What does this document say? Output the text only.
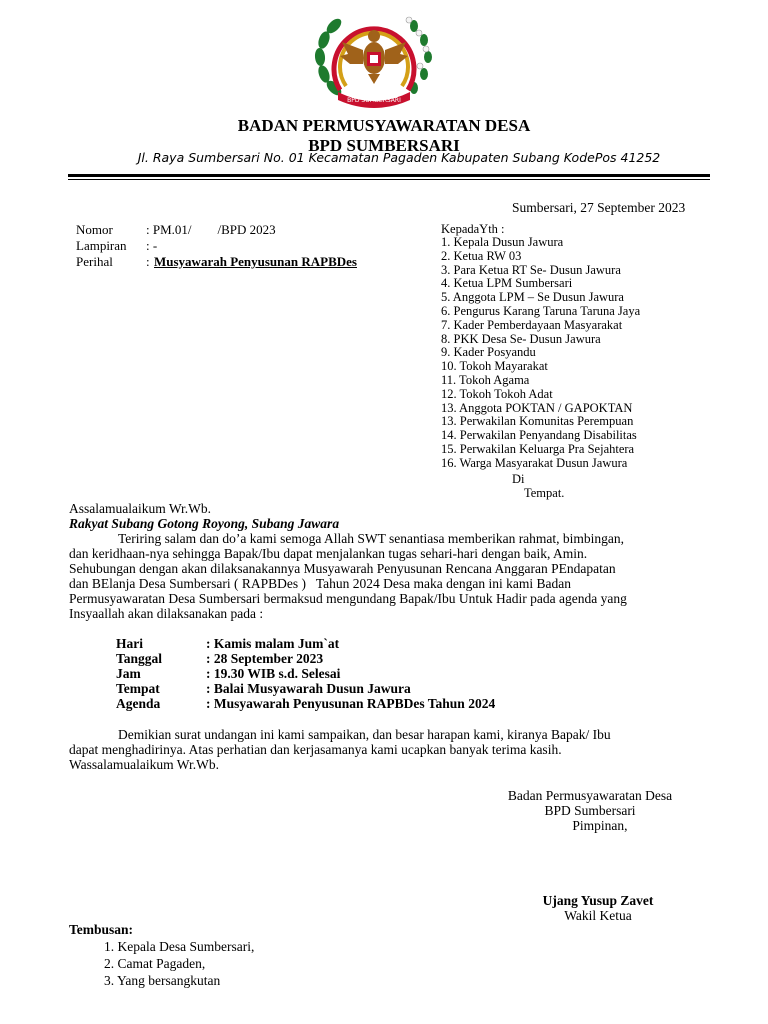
BPD SUMBERSARI
BADAN PERMUSYAWARATAN DESA
BPD SUMBERSARI
Jl. Raya Sumbersari No. 01 Kecamatan Pagaden Kabupaten Subang KodePos 41252
Sumbersari, 27 September 2023
Nomor	: PM.01/        /BPD 2023
Lampiran : -
Perihal	: Musyawarah Penyusunan RAPBDes
KepadaYth :
1. Kepala Dusun Jawura
2. Ketua RW 03
3. Para Ketua RT Se- Dusun Jawura
4. Ketua LPM Sumbersari
5. Anggota LPM – Se Dusun Jawura
6. Pengurus Karang Taruna Taruna Jaya
7. Kader Pemberdayaan Masyarakat
8. PKK Desa Se- Dusun Jawura
9. Kader Posyandu
10. Tokoh Mayarakat
11. Tokoh Agama
12. Tokoh Tokoh Adat
13. Anggota POKTAN / GAPOKTAN
13. Perwakilan Komunitas Perempuan
14. Perwakilan Penyandang Disabilitas
15. Perwakilan Keluarga Pra Sejahtera
16. Warga Masyarakat Dusun Jawura
Di
Tempat.
Assalamualaikum Wr.Wb.
Rakyat Subang Gotong Royong, Subang Jawara
Teriring salam dan do’a kami semoga Allah SWT senantiasa memberikan rahmat, bimbingan,
dan keridhaan-nya sehingga Bapak/Ibu dapat menjalankan tugas sehari-hari dengan baik, Amin.
Sehubungan dengan akan dilaksanakannya Musyawarah Penyusunan Rencana Anggaran PEndapatan
dan BElanja Desa Sumbersari ( RAPBDes )   Tahun 2024 Desa maka dengan ini kami Badan
Permusyawaratan Desa Sumbersari bermaksud mengundang Bapak/Ibu Untuk Hadir pada agenda yang
Insyaallah akan dilaksanakan pada :
Hari	: Kamis malam Jum`at
Tanggal	: 28 September 2023
Jam	: 19.30 WIB s.d. Selesai
Tempat	: Balai Musyawarah Dusun Jawura
Agenda	: Musyawarah Penyusunan RAPBDes Tahun 2024
Demikian surat undangan ini kami sampaikan, dan besar harapan kami, kiranya Bapak/ Ibu
dapat menghadirinya. Atas perhatian dan kerjasamanya kami ucapkan banyak terima kasih.
Wassalamualaikum Wr.Wb.
Badan Permusyawaratan Desa
BPD Sumbersari
Pimpinan,
Ujang Yusup Zavet
Wakil Ketua
Tembusan:
1. Kepala Desa Sumbersari,
2. Camat Pagaden,
3. Yang bersangkutan
